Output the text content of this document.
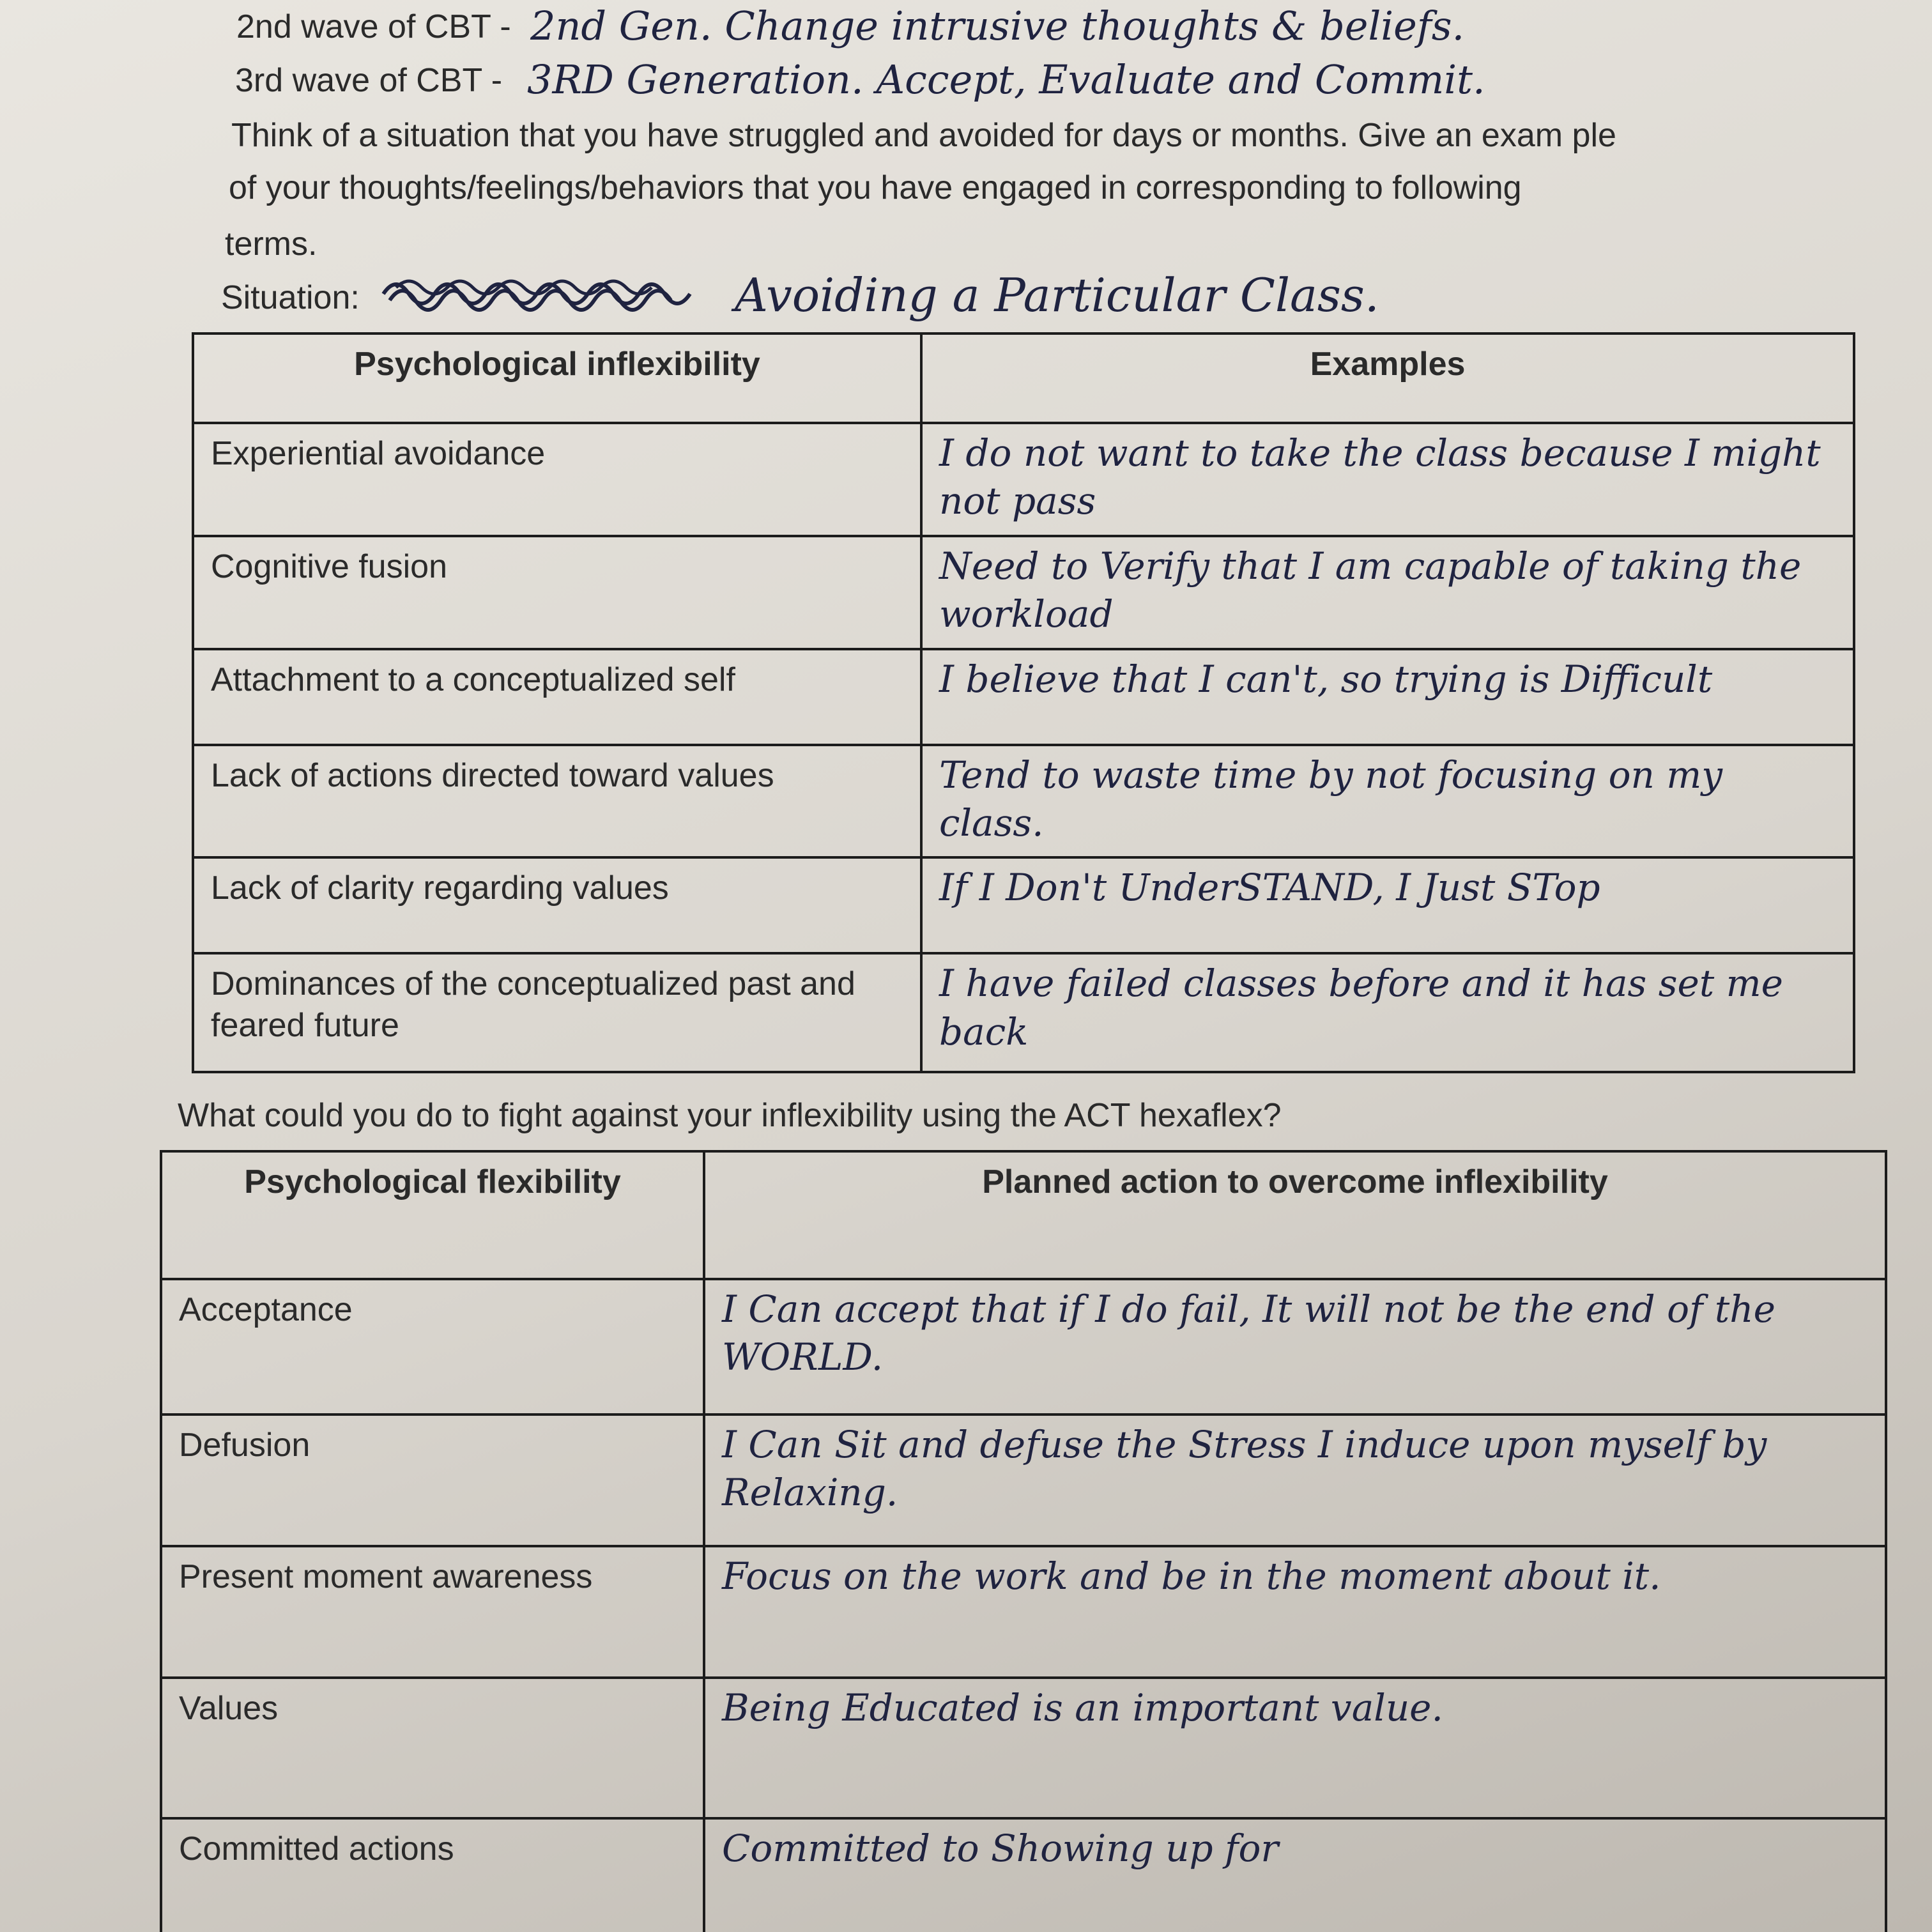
2nd wave of CBT - 2nd Gen. Change intrusive thoughts & beliefs.
3rd wave of CBT - 3RD Generation. Accept, Evaluate and Commit.
Think of a situation that you have struggled and avoided for days or months. Give an exam ple
of your thoughts/feelings/behaviors that you have engaged in corresponding to following
terms.
Situation:	Avoiding a Particular Class.
Psychological inflexibility	Examples
Experiential avoidance	I do not want to take the class because I might not pass

Cognitive fusion	Need to Verify that I am capable of taking the workload

Attachment to a conceptualized self	I believe that I can't, so trying is Difficult

Lack of actions directed toward values	Tend to waste time by not focusing on my class.

Lack of clarity regarding values	If I Don't UnderSTAND, I Just STop

Dominances of the conceptualized past and feared future	I have failed classes before and it has set me back
What could you do to fight against your inflexibility using the ACT hexaflex?
Psychological flexibility	Planned action to overcome inflexibility
Acceptance	I Can accept that if I do fail, It will not be the end of the WORLD.

Defusion	I Can Sit and defuse the Stress I induce upon myself by Relaxing.

Present moment awareness	Focus on the work and be in the moment about it.

Values	Being Educated is an important value.

Committed actions	Committed to Showing up for
